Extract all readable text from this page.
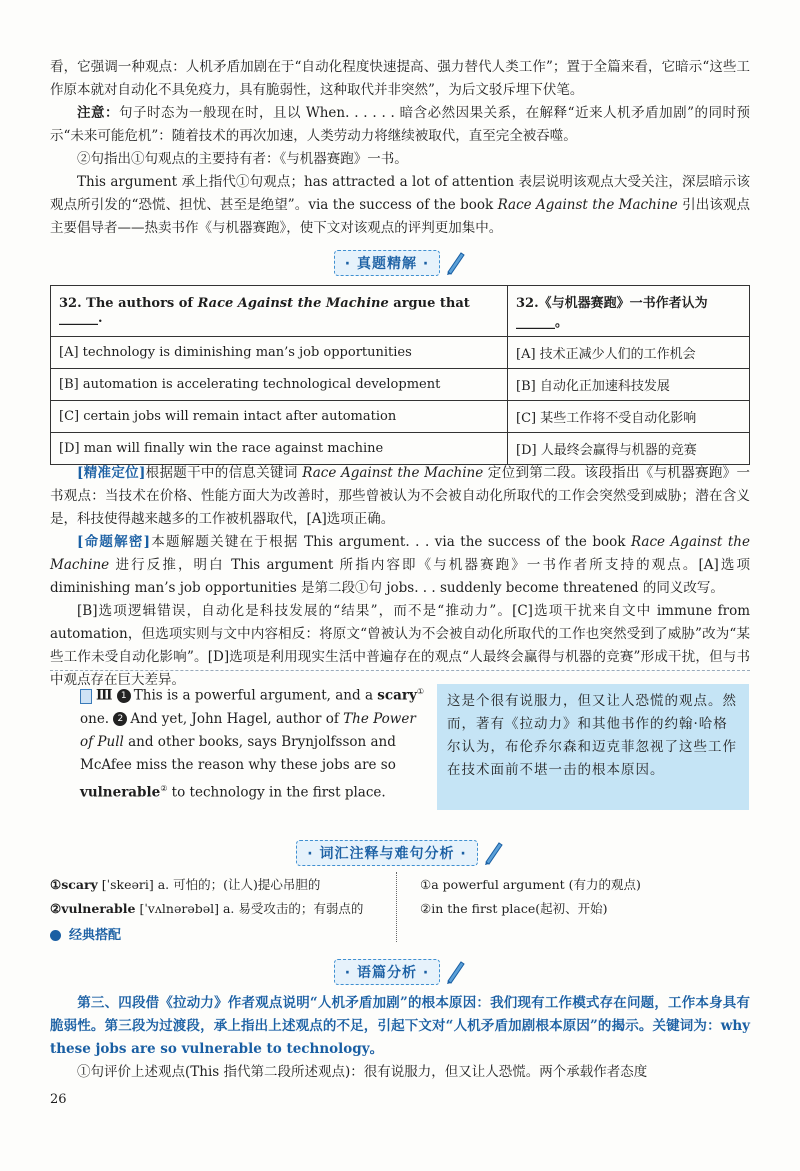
看，它强调一种观点：人机矛盾加剧在于“自动化程度快速提高、强力替代人类工作”；置于全篇来看，它暗示“这些工作原本就对自动化不具免疫力，具有脆弱性，这种取代并非突然”，为后文驳斥埋下伏笔。

注意：句子时态为一般现在时，且以 When. . . . . . 暗含必然因果关系，在解释“近来人机矛盾加剧”的同时预示“未来可能危机”：随着技术的再次加速，人类劳动力将继续被取代，直至完全被吞噬。

②句指出①句观点的主要持有者：《与机器赛跑》一书。

This argument 承上指代①句观点；has attracted a lot of attention 表层说明该观点大受关注，深层暗示该观点所引发的“恐慌、担忧、甚至是绝望”。via the success of the book Race Against the Machine 引出该观点主要倡导者——热卖书作《与机器赛跑》，使下文对该观点的评判更加集中。

· 真题精解 ·
32. The authors of Race Against the Machine argue that ______.	32.《与机器赛跑》一书作者认为______。
[A] technology is diminishing man’s job opportunities	[A] 技术正减少人们的工作机会
[B] automation is accelerating technological development	[B] 自动化正加速科技发展
[C] certain jobs will remain intact after automation	[C] 某些工作将不受自动化影响
[D] man will finally win the race against machine	[D] 人最终会赢得与机器的竞赛

[精准定位]根据题干中的信息关键词 Race Against the Machine 定位到第二段。该段指出《与机器赛跑》一书观点：当技术在价格、性能方面大为改善时，那些曾被认为不会被自动化所取代的工作会突然受到威胁；潜在含义是，科技使得越来越多的工作被机器取代，[A]选项正确。

[命题解密]本题解题关键在于根据 This argument. . . via the success of the book Race Against the Machine 进行反推，明白 This argument 所指内容即《与机器赛跑》一书作者所支持的观点。[A]选项 diminishing man’s job opportunities 是第二段①句 jobs. . . suddenly become threatened 的同义改写。

[B]选项逻辑错误，自动化是科技发展的“结果”，而不是“推动力”。[C]选项干扰来自文中 immune from automation，但选项实则与文中内容相反：将原文“曾被认为不会被自动化所取代的工作也突然受到了威胁”改为“某些工作未受自动化影响”。[D]选项是利用现实生活中普遍存在的观点“人最终会赢得与机器的竞赛”形成干扰，但与书中观点存在巨大差异。

Ⅲ 1 This is a powerful argument, and a scary① one. 2 And yet, John Hagel, author of The Power of Pull and other books, says Brynjolfsson and McAfee miss the reason why these jobs are so vulnerable② to technology in the first place.
这是个很有说服力，但又让人恐慌的观点。然而，著有《拉动力》和其他书作的约翰·哈格尔认为，布伦乔尔森和迈克菲忽视了这些工作在技术面前不堪一击的根本原因。
· 词汇注释与难句分析 ·
①scary [ˈskeəri] a. 可怕的；(让人)提心吊胆的
②vulnerable [ˈvʌlnərəbəl] a. 易受攻击的；有弱点的
①a powerful argument (有力的观点)
②in the first place(起初、开始)
经典搭配
· 语篇分析 ·
第三、四段借《拉动力》作者观点说明“人机矛盾加剧”的根本原因：我们现有工作模式存在问题，工作本身具有脆弱性。第三段为过渡段，承上指出上述观点的不足，引起下文对“人机矛盾加剧根本原因”的揭示。关键词为：why these jobs are so vulnerable to technology。

①句评价上述观点(This 指代第二段所述观点)：很有说服力，但又让人恐慌。两个承载作者态度

26
